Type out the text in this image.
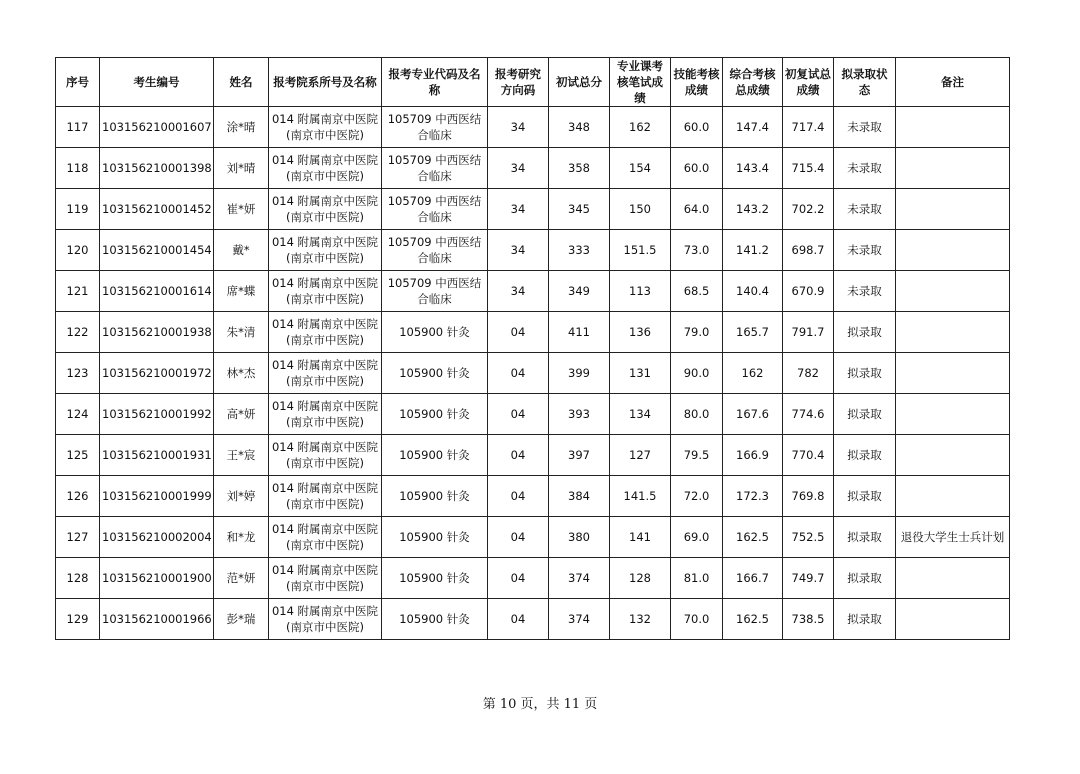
序号	考生编号	姓名	报考院系所号及名称	报考专业代码及名称	报考研究方向码	初试总分	专业课考核笔试成绩	技能考核成绩	综合考核总成绩	初复试总成绩	拟录取状态	备注
117	103156210001607	涂*晴	014 附属南京中医院(南京市中医院)	105709 中西医结合临床	34	348	162	60.0	147.4	717.4	未录取	
118	103156210001398	刘*晴	014 附属南京中医院(南京市中医院)	105709 中西医结合临床	34	358	154	60.0	143.4	715.4	未录取	
119	103156210001452	崔*妍	014 附属南京中医院(南京市中医院)	105709 中西医结合临床	34	345	150	64.0	143.2	702.2	未录取	
120	103156210001454	戴*	014 附属南京中医院(南京市中医院)	105709 中西医结合临床	34	333	151.5	73.0	141.2	698.7	未录取	
121	103156210001614	席*蝶	014 附属南京中医院(南京市中医院)	105709 中西医结合临床	34	349	113	68.5	140.4	670.9	未录取	
122	103156210001938	朱*清	014 附属南京中医院(南京市中医院)	105900 针灸	04	411	136	79.0	165.7	791.7	拟录取	
123	103156210001972	林*杰	014 附属南京中医院(南京市中医院)	105900 针灸	04	399	131	90.0	162	782	拟录取	
124	103156210001992	高*妍	014 附属南京中医院(南京市中医院)	105900 针灸	04	393	134	80.0	167.6	774.6	拟录取	
125	103156210001931	王*宸	014 附属南京中医院(南京市中医院)	105900 针灸	04	397	127	79.5	166.9	770.4	拟录取	
126	103156210001999	刘*婷	014 附属南京中医院(南京市中医院)	105900 针灸	04	384	141.5	72.0	172.3	769.8	拟录取	
127	103156210002004	和*龙	014 附属南京中医院(南京市中医院)	105900 针灸	04	380	141	69.0	162.5	752.5	拟录取	退役大学生士兵计划
128	103156210001900	范*妍	014 附属南京中医院(南京市中医院)	105900 针灸	04	374	128	81.0	166.7	749.7	拟录取	
129	103156210001966	彭*瑞	014 附属南京中医院(南京市中医院)	105900 针灸	04	374	132	70.0	162.5	738.5	拟录取	
第 10 页，共 11 页
